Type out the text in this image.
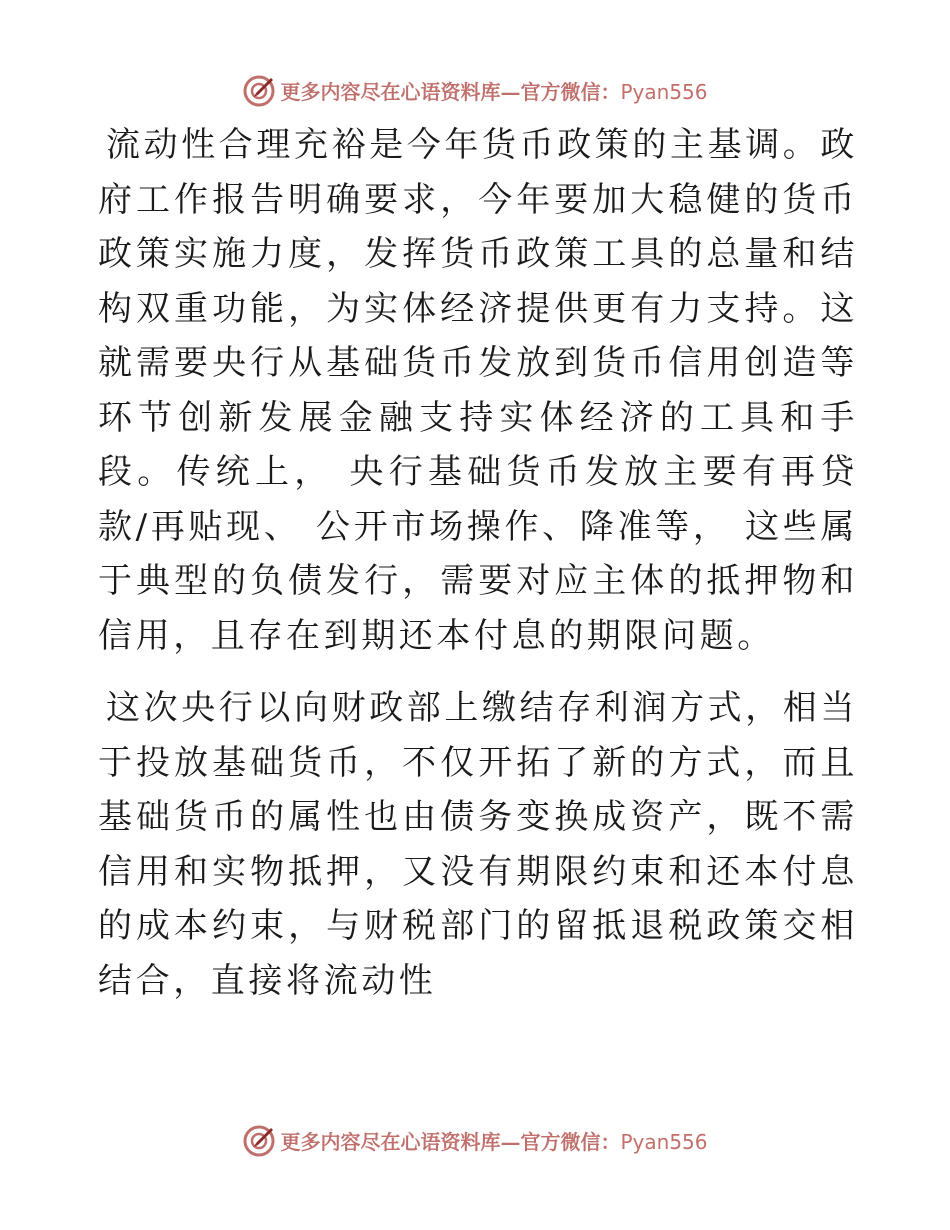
更多内容尽在心语资料库—官方微信：Pyan556

流动性合理充裕是今年货币政策的主基调。政府工作报告明确要求，今年要加大稳健的货币政策实施力度，发挥货币政策工具的总量和结构双重功能，为实体经济提供更有力支持。这就需要央行从基础货币发放到货币信用创造等环节创新发展金融支持实体经济的工具和手段。传统上， 央行基础货币发放主要有再贷款/再贴现、 公开市场操作、降准等， 这些属于典型的负债发行，需要对应主体的抵押物和信用，且存在到期还本付息的期限问题。

这次央行以向财政部上缴结存利润方式，相当于投放基础货币，不仅开拓了新的方式，而且基础货币的属性也由债务变换成资产，既不需信用和实物抵押，又没有期限约束和还本付息的成本约束，与财税部门的留抵退税政策交相结合，直接将流动性

更多内容尽在心语资料库—官方微信：Pyan556
